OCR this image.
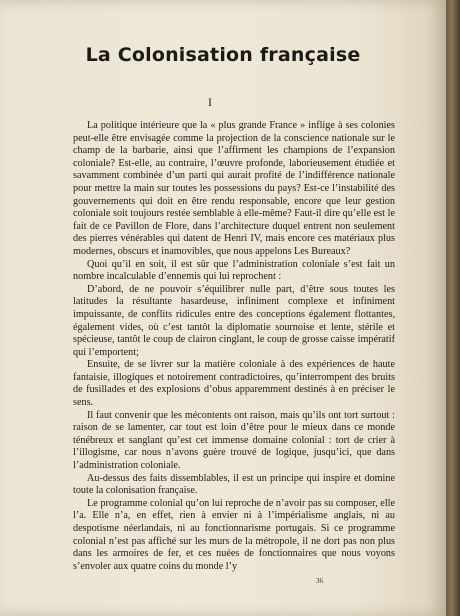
La Colonisation française
I

La politique intérieure que la « plus grande France » inflige à ses colonies peut-elle être envisagée comme la projection de la conscience nationale sur le champ de la barbarie, ainsi que l’affirment les champions de l’expansion coloniale? Est-elle, au contraire, l’œuvre profonde, laborieusement étudiée et savamment combinée d’un parti qui aurait profité de l’indifférence nationale pour mettre la main sur toutes les possessions du pays? Est-ce l’instabilité des gouvernements qui doit en être rendu responsable, encore que leur gestion coloniale soit toujours restée semblable à elle-même? Faut-il dire qu’elle est le fait de ce Pavillon de Flore, dans l’architecture duquel entrent non seulement des pierres vénérables qui datent de Henri IV, mais encore ces matériaux plus modernes, obscurs et inamovibles, que nous appelons Les Bureaux?

Quoi qu’il en soit, il est sûr que l’administration coloniale s’est fait un nombre incalculable d’ennemis qui lui reprochent :

D’abord, de ne pouvoir s’équilibrer nulle part, d’être sous toutes les latitudes la résultante hasardeuse, infiniment complexe et infiniment impuissante, de conflits ridicules entre des conceptions également flottantes, également vides, où c’est tantôt la diplomatie sournoise et lente, stérile et spécieuse, tantôt le coup de clairon cinglant, le coup de grosse caisse impératif qui l’emportent;

Ensuite, de se livrer sur la matière coloniale à des expériences de haute fantaisie, illogiques et notoirement contradictoires, qu’interrompent des bruits de fusillades et des explosions d’obus apparemment destinés à en préciser le sens.

Il faut convenir que les mécontents ont raison, mais qu’ils ont tort surtout : raison de se lamenter, car tout est loin d’être pour le mieux dans ce monde ténébreux et sanglant qu’est cet immense domaine colonial : tort de crier à l’illogisme, car nous n’avons guère trouvé de logique, jusqu’ici, que dans l’administration coloniale.

Au-dessus des faits dissemblables, il est un principe qui inspire et domine toute la colonisation française.

Le programme colonial qu’on lui reproche de n’avoir pas su composer, elle l’a. Elle n’a, en effet, rien à envier ni à l’impérialisme anglais, ni au despotisme néerlandais, ni au fonctionnarisme portugais. Si ce programme colonial n’est pas affiché sur les murs de la métropole, il ne dort pas non plus dans les armoires de fer, et ces nuées de fonctionnaires que nous voyons s’envoler aux quatre coins du monde l’y

36
